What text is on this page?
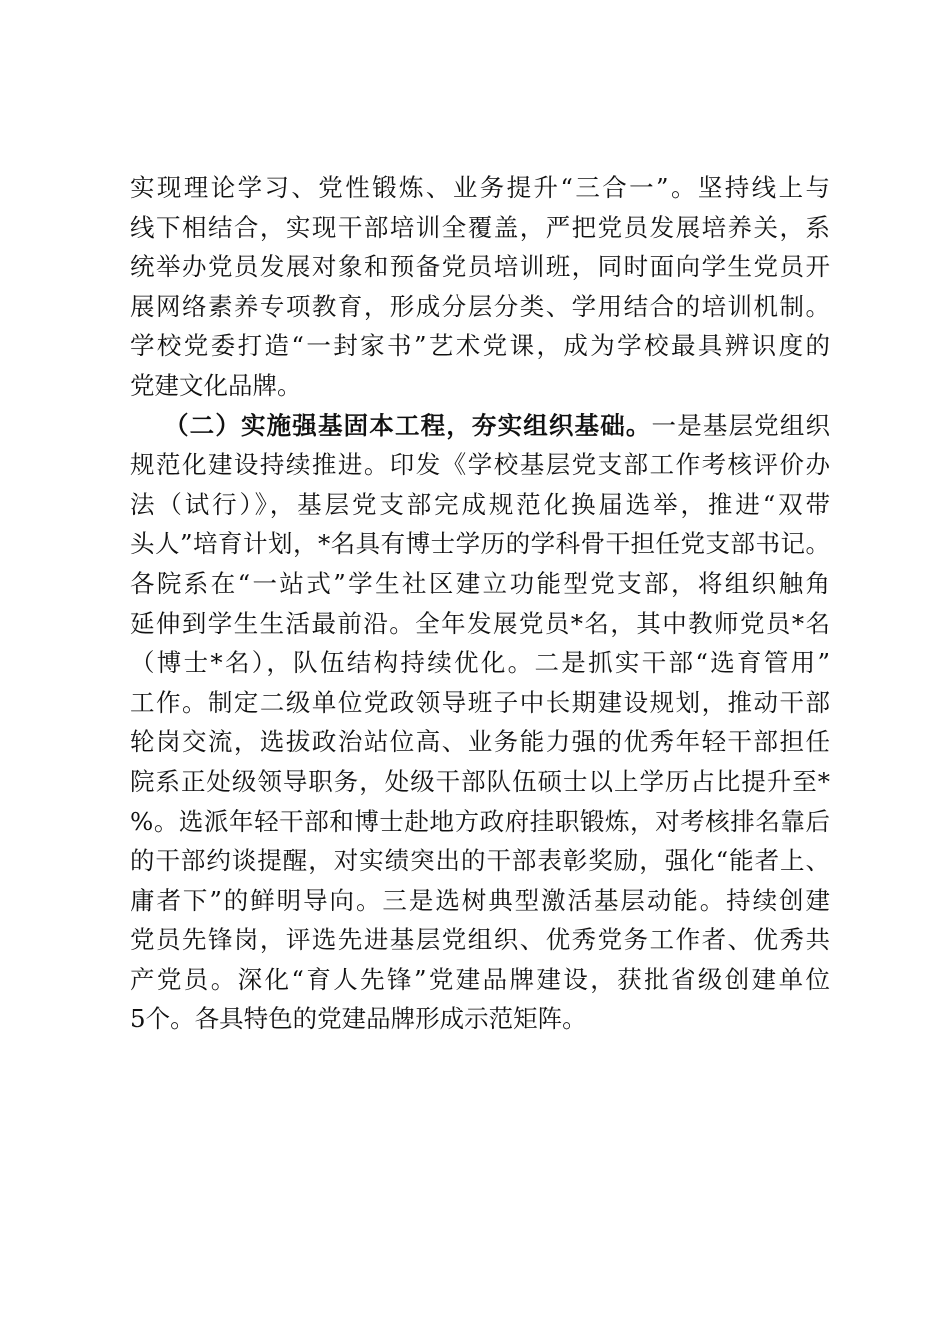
实现理论学习、党性锻炼、业务提升“三合一”。坚持线上与
线下相结合，实现干部培训全覆盖，严把党员发展培养关，系
统举办党员发展对象和预备党员培训班，同时面向学生党员开
展网络素养专项教育，形成分层分类、学用结合的培训机制。
学校党委打造“一封家书”艺术党课，成为学校最具辨识度的
党建文化品牌。
（二）实施强基固本工程，夯实组织基础。一是基层党组织
规范化建设持续推进。印发《学校基层党支部工作考核评价办
法（试行）》，基层党支部完成规范化换届选举，推进“双带
头人”培育计划，*名具有博士学历的学科骨干担任党支部书记。
各院系在“一站式”学生社区建立功能型党支部，将组织触角
延伸到学生生活最前沿。全年发展党员*名，其中教师党员*名
（博士*名），队伍结构持续优化。二是抓实干部“选育管用”
工作。制定二级单位党政领导班子中长期建设规划，推动干部
轮岗交流，选拔政治站位高、业务能力强的优秀年轻干部担任
院系正处级领导职务，处级干部队伍硕士以上学历占比提升至*
%。选派年轻干部和博士赴地方政府挂职锻炼，对考核排名靠后
的干部约谈提醒，对实绩突出的干部表彰奖励，强化“能者上、
庸者下”的鲜明导向。三是选树典型激活基层动能。持续创建
党员先锋岗，评选先进基层党组织、优秀党务工作者、优秀共
产党员。深化“育人先锋”党建品牌建设，获批省级创建单位
5个。各具特色的党建品牌形成示范矩阵。
